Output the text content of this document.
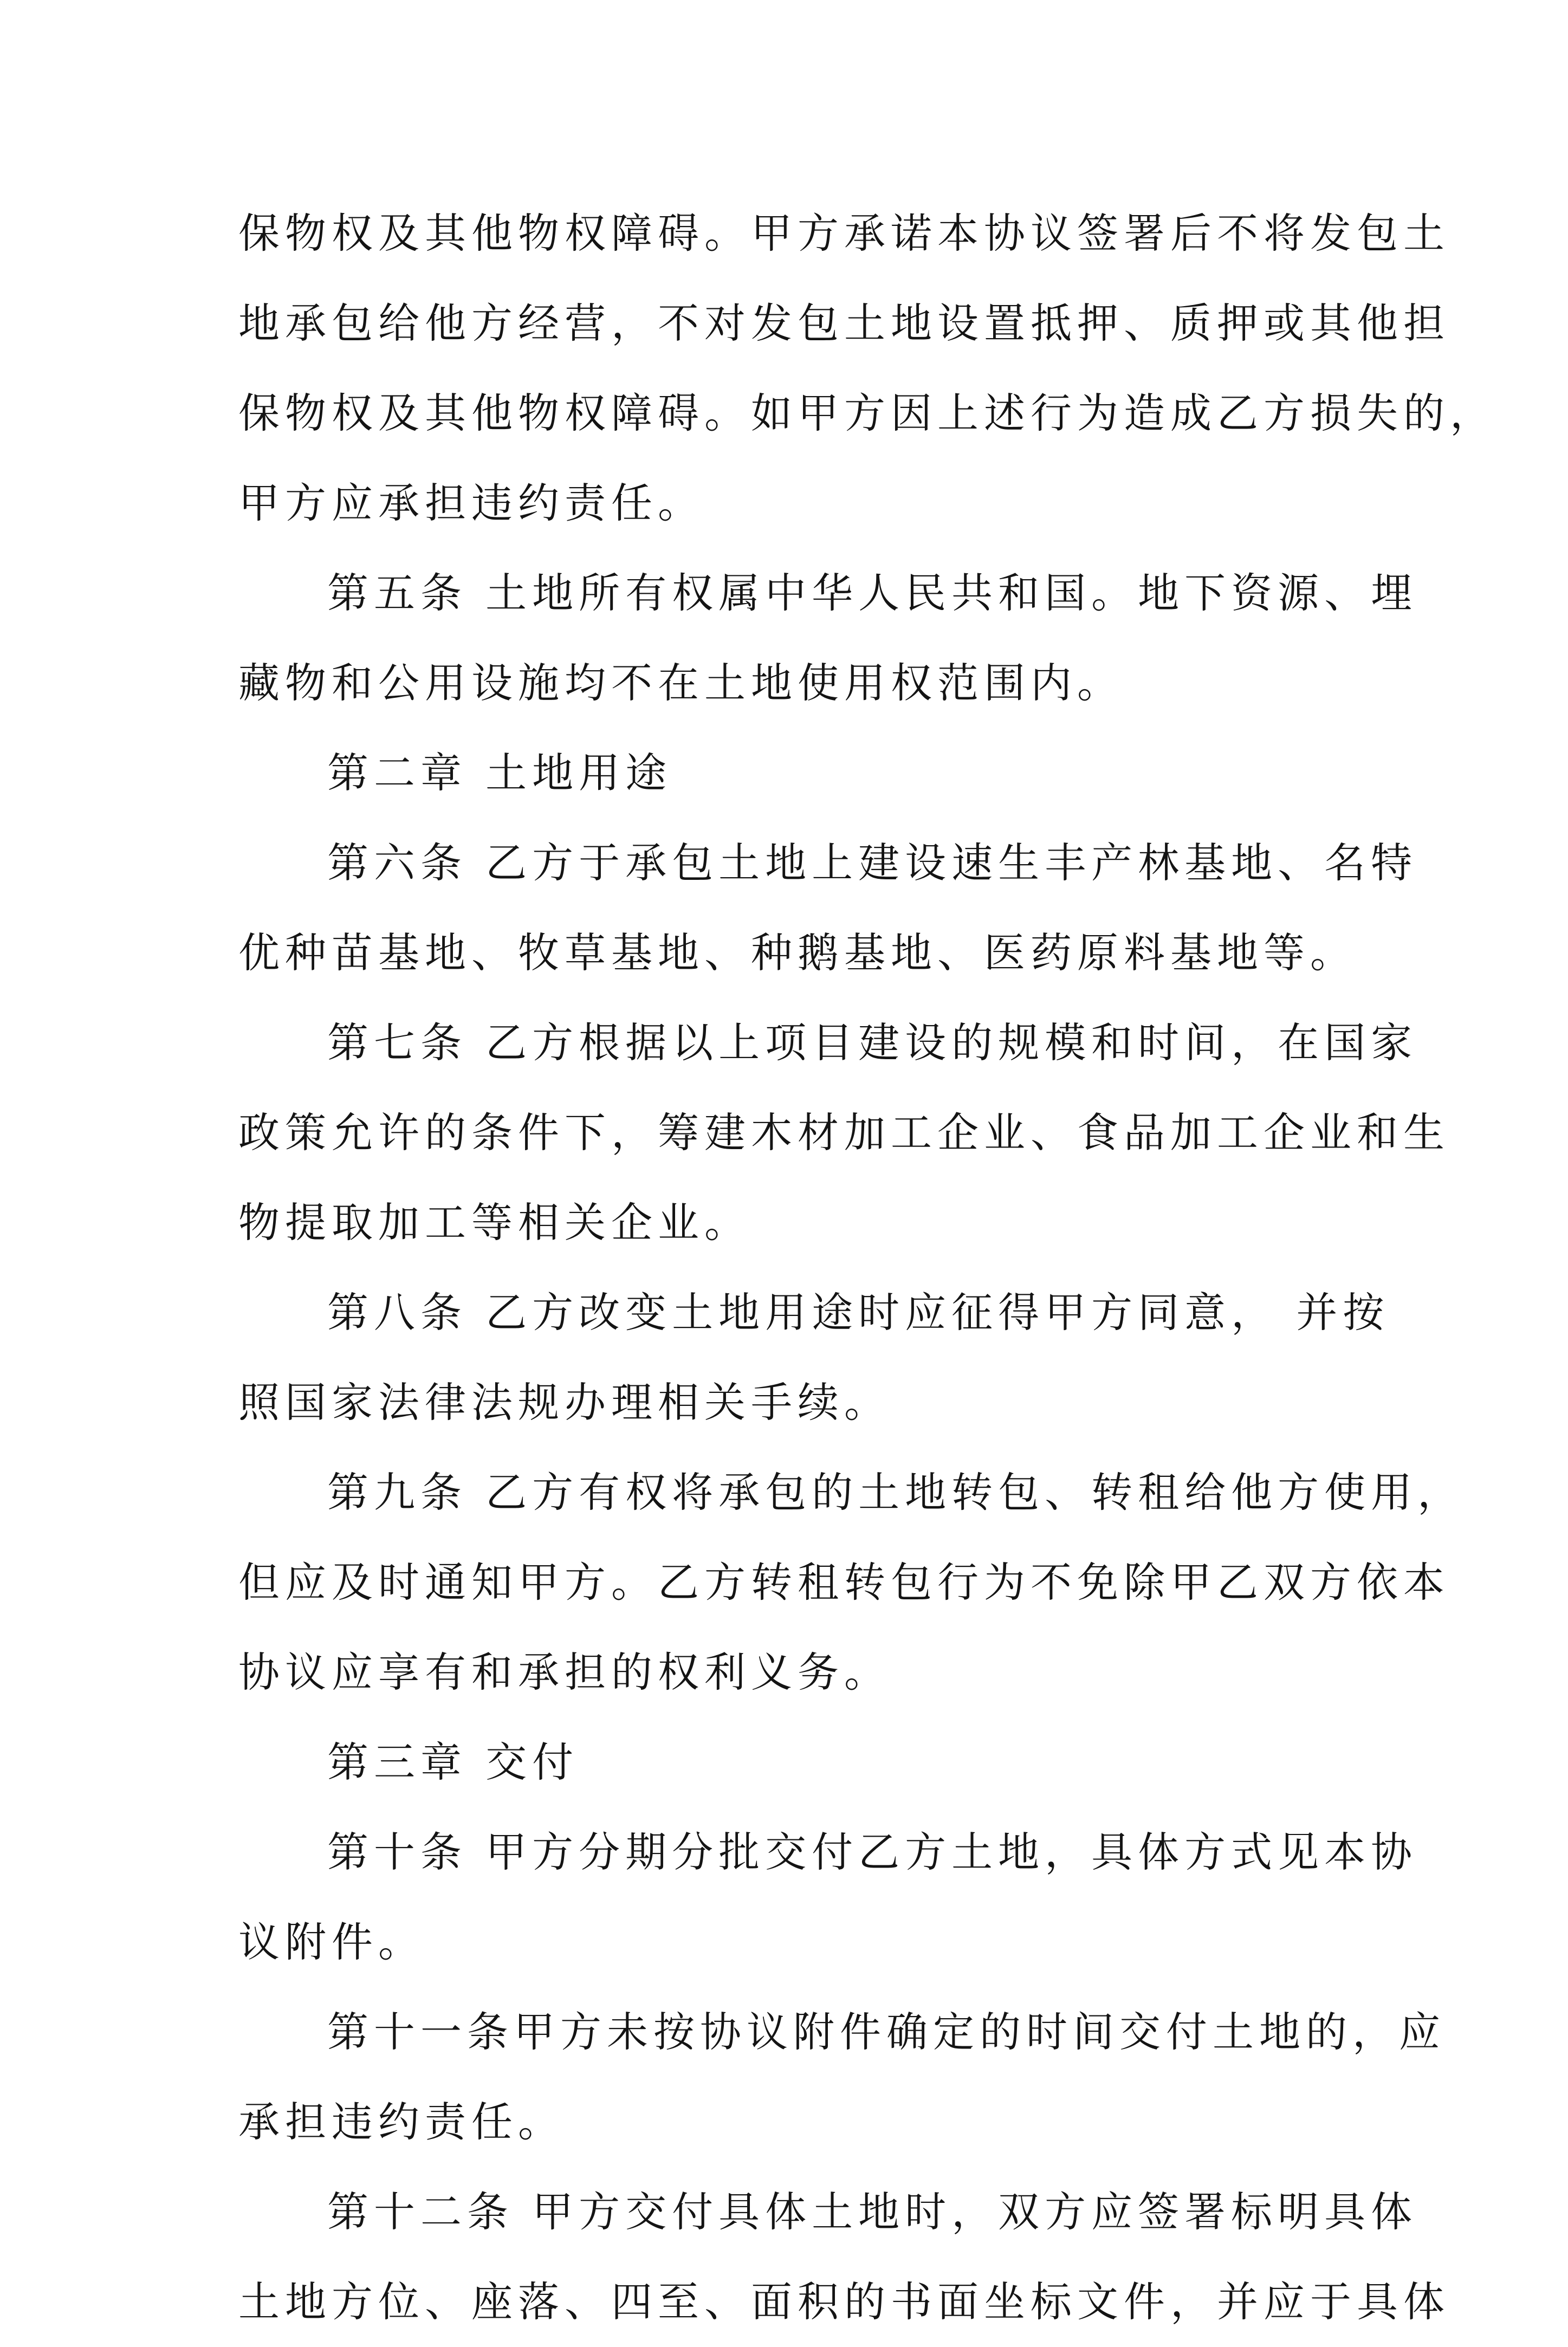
保物权及其他物权障碍。甲方承诺本协议签署后不将发包土
地承包给他方经营，不对发包土地设置抵押、质押或其他担
保物权及其他物权障碍。如甲方因上述行为造成乙方损失的，
甲方应承担违约责任。
第五条 土地所有权属中华人民共和国。地下资源、埋
藏物和公用设施均不在土地使用权范围内。
第二章 土地用途
第六条 乙方于承包土地上建设速生丰产林基地、名特
优种苗基地、牧草基地、种鹅基地、医药原料基地等。
第七条 乙方根据以上项目建设的规模和时间，在国家
政策允许的条件下，筹建木材加工企业、食品加工企业和生
物提取加工等相关企业。
第八条 乙方改变土地用途时应征得甲方同意， 并按
照国家法律法规办理相关手续。
第九条 乙方有权将承包的土地转包、转租给他方使用，
但应及时通知甲方。乙方转租转包行为不免除甲乙双方依本
协议应享有和承担的权利义务。
第三章 交付
第十条 甲方分期分批交付乙方土地，具体方式见本协
议附件。
第十一条甲方未按协议附件确定的时间交付土地的，应
承担违约责任。
第十二条 甲方交付具体土地时，双方应签署标明具体
土地方位、座落、四至、面积的书面坐标文件，并应于具体
